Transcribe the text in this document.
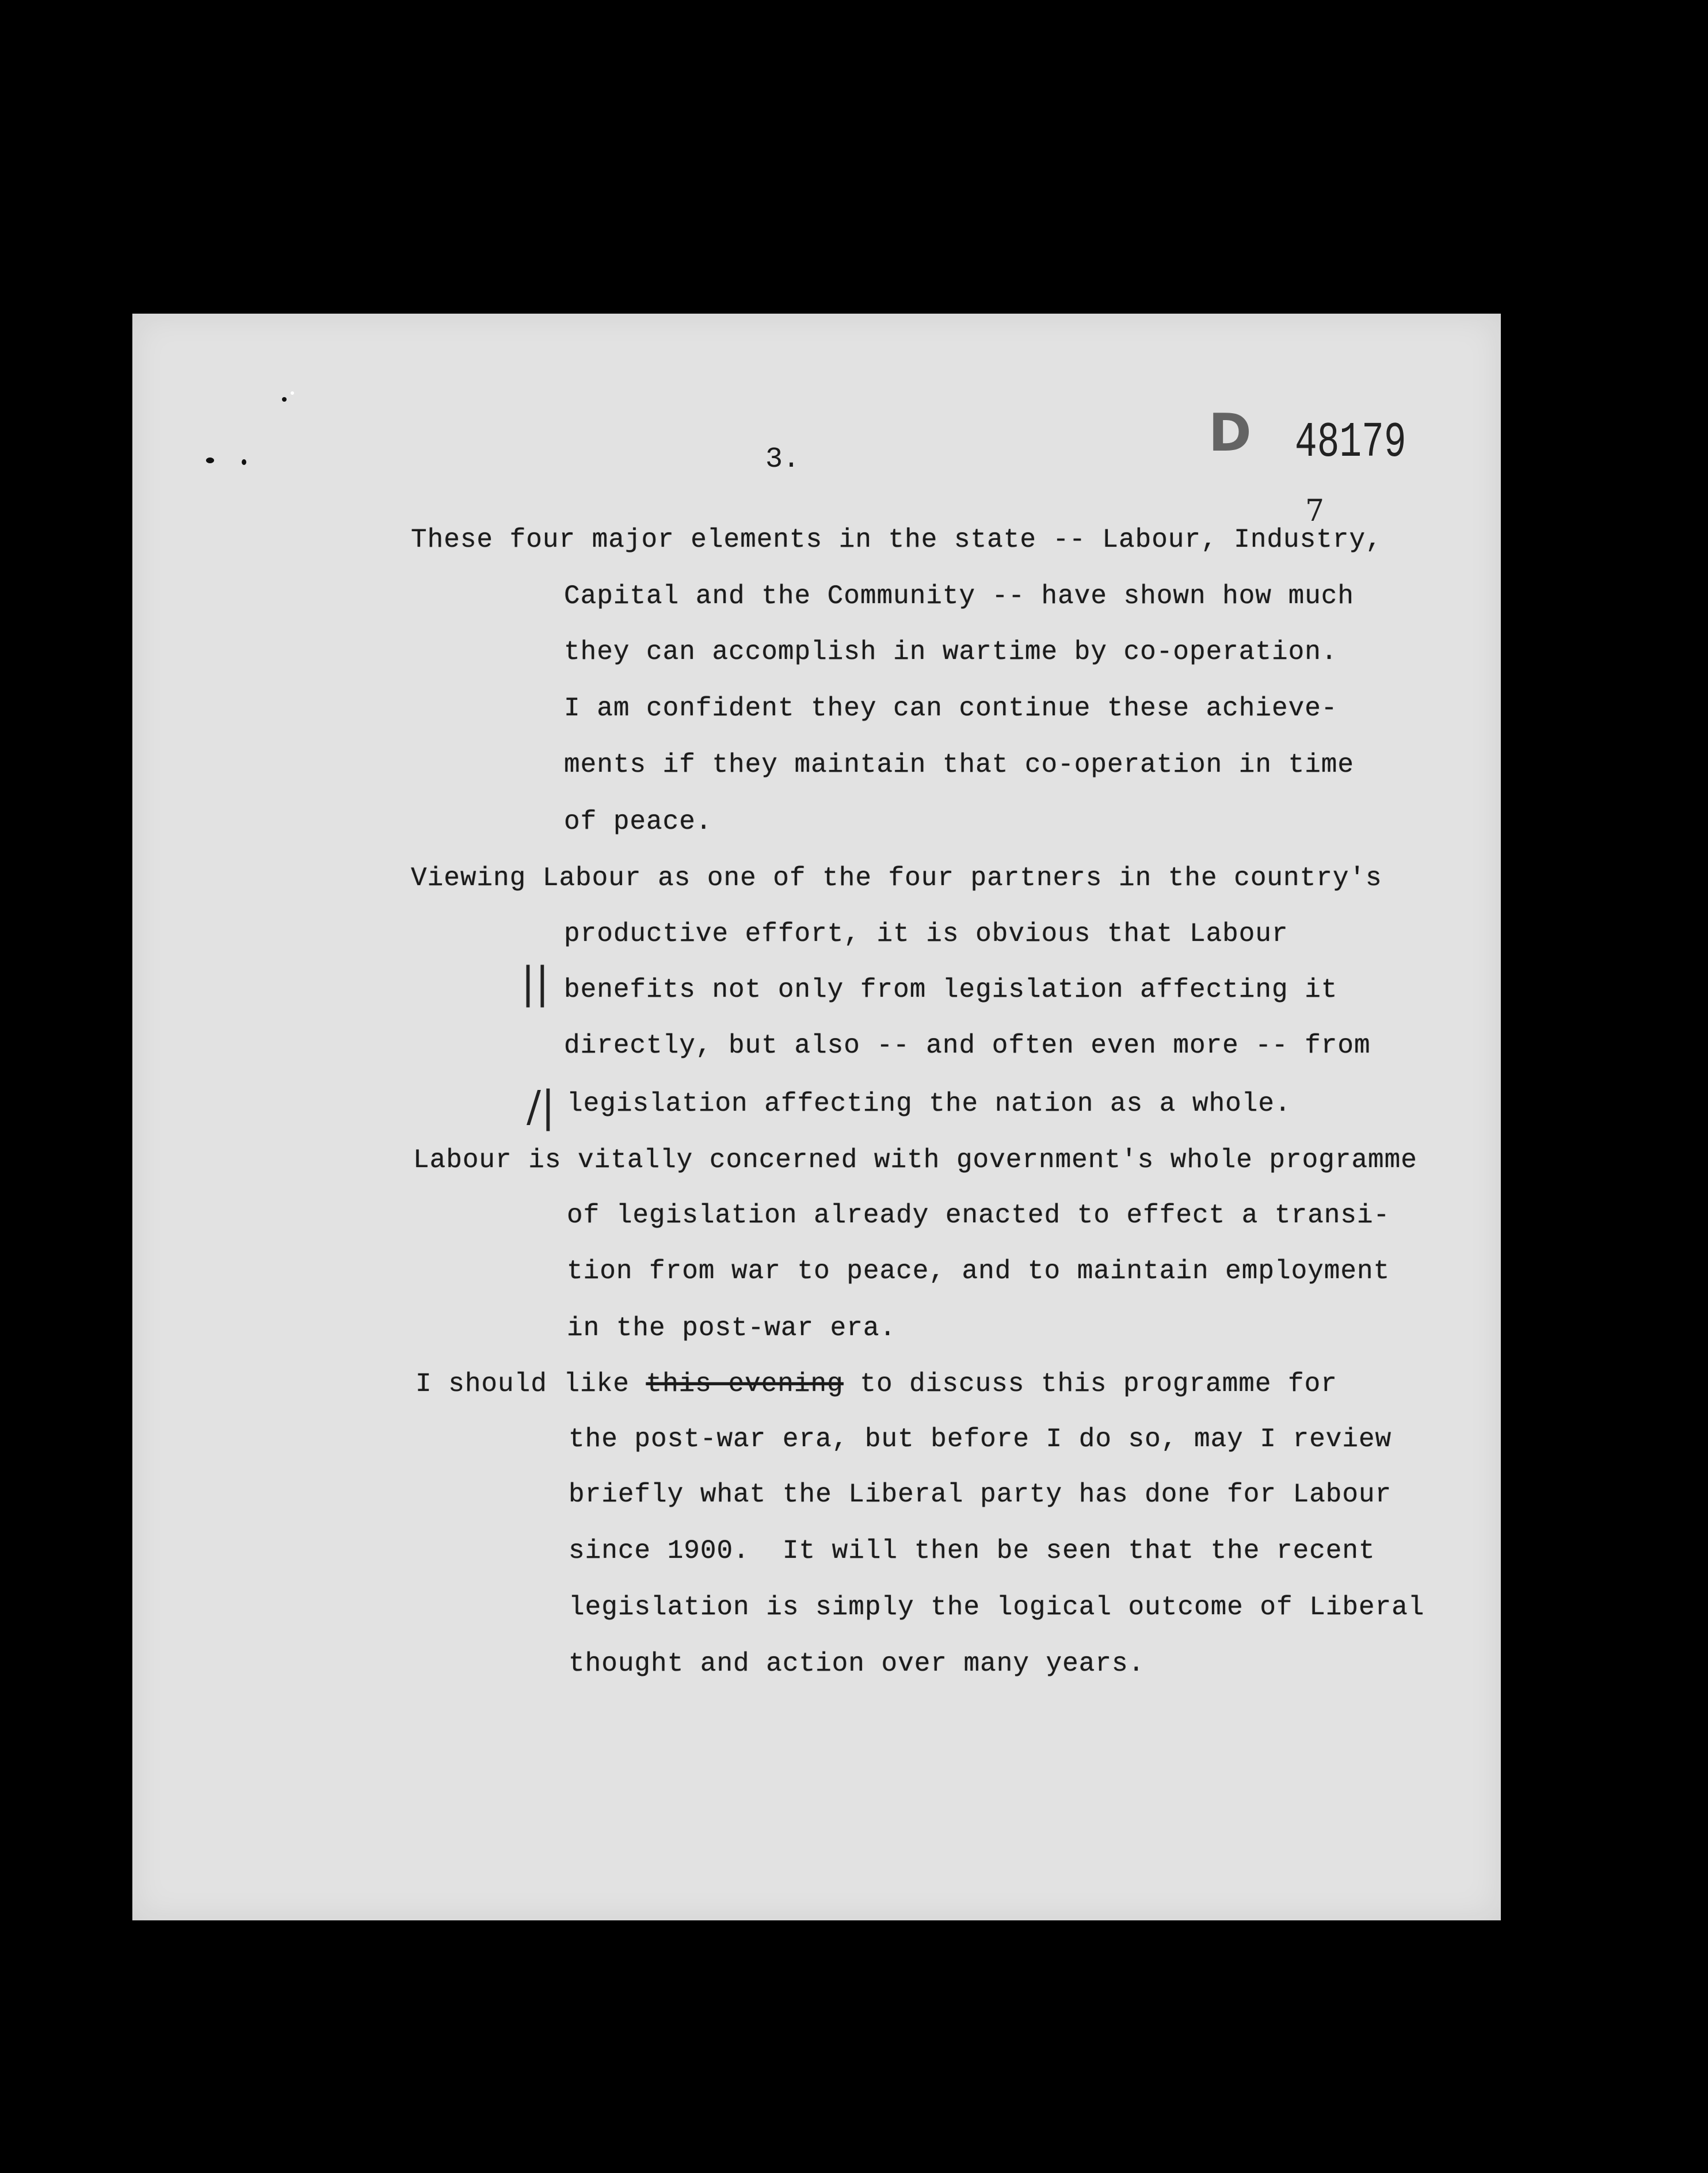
3.	D 48179
7
These four major elements in the state -- Labour, Industry,
Capital and the Community -- have shown how much
they can accomplish in wartime by co-operation.
I am confident they can continue these achieve-
ments if they maintain that co-operation in time
of peace.
Viewing Labour as one of the four partners in the country's
productive effort, it is obvious that Labour
|| benefits not only from legislation affecting it
directly, but also -- and often even more -- from
/| legislation affecting the nation as a whole.
Labour is vitally concerned with government's whole programme
of legislation already enacted to effect a transi-
tion from war to peace, and to maintain employment
in the post-war era.
I should like this evening to discuss this programme for
the post-war era, but before I do so, may I review
briefly what the Liberal party has done for Labour
since 1900.  It will then be seen that the recent
legislation is simply the logical outcome of Liberal
thought and action over many years.
